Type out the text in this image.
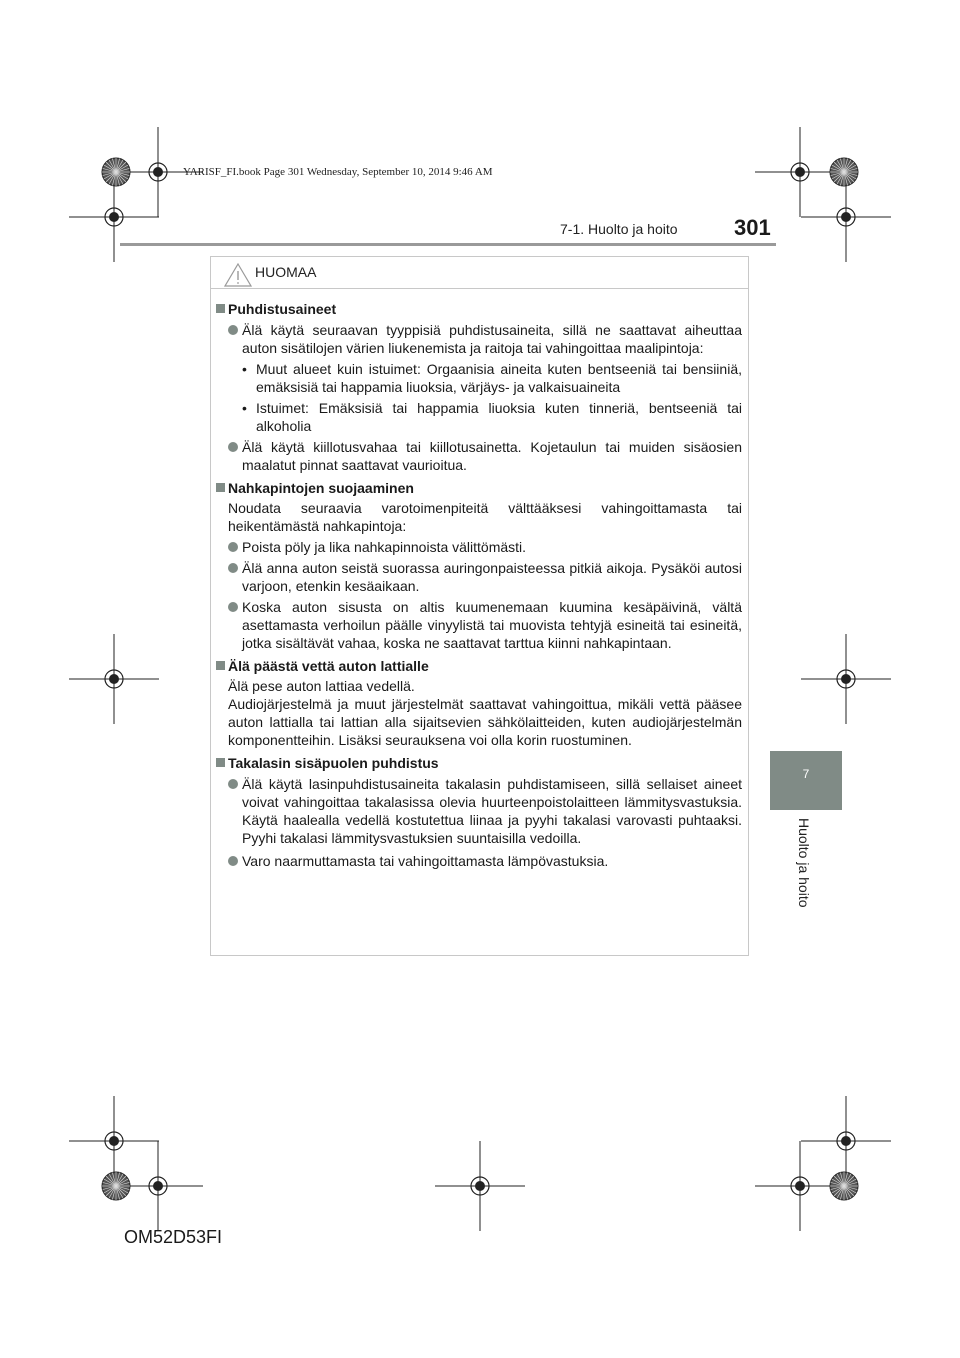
YARISF_FI.book Page 301 Wednesday, September 10, 2014 9:46 AM
7-1. Huolto ja hoito	301
7
Huolto ja hoito
HUOMAA
Puhdistusaineet
Älä käytä seuraavan tyyppisiä puhdistusaineita, sillä ne saattavat aiheuttaa auton sisätilojen värien liukenemista ja raitoja tai vahingoittaa maalipintoja:
• Muut alueet kuin istuimet: Orgaanisia aineita kuten bentseeniä tai bensiiniä, emäksisiä tai happamia liuoksia, värjäys- ja valkaisuaineita
• Istuimet: Emäksisiä tai happamia liuoksia kuten tinneriä, bentseeniä tai alkoholia
Älä käytä kiillotusvahaa tai kiillotusainetta. Kojetaulun tai muiden sisäosien maalatut pinnat saattavat vaurioitua.
Nahkapintojen suojaaminen
Noudata seuraavia varotoimenpiteitä välttääksesi vahingoittamasta tai heikentämästä nahkapintoja:
Poista pöly ja lika nahkapinnoista välittömästi.
Älä anna auton seistä suorassa auringonpaisteessa pitkiä aikoja. Pysäköi autosi varjoon, etenkin kesäaikaan.
Koska auton sisusta on altis kuumenemaan kuumina kesäpäivinä, vältä asettamasta verhoilun päälle vinyylistä tai muovista tehtyjä esineitä tai esineitä, jotka sisältävät vahaa, koska ne saattavat tarttua kiinni nahkapintaan.
Älä päästä vettä auton lattialle
Älä pese auton lattiaa vedellä.
Audiojärjestelmä ja muut järjestelmät saattavat vahingoittua, mikäli vettä pääsee auton lattialla tai lattian alla sijaitsevien sähkölaitteiden, kuten audiojärjestelmän komponentteihin. Lisäksi seurauksena voi olla korin ruostuminen.
Takalasin sisäpuolen puhdistus
Älä käytä lasinpuhdistusaineita takalasin puhdistamiseen, sillä sellaiset aineet voivat vahingoittaa takalasissa olevia huurteenpoistolaitteen lämmitysvastuksia. Käytä haalealla vedellä kostutettua liinaa ja pyyhi takalasi varovasti puhtaaksi. Pyyhi takalasi lämmitysvastuksien suuntaisilla vedoilla.
Varo naarmuttamasta tai vahingoittamasta lämpövastuksia.
OM52D53FI
